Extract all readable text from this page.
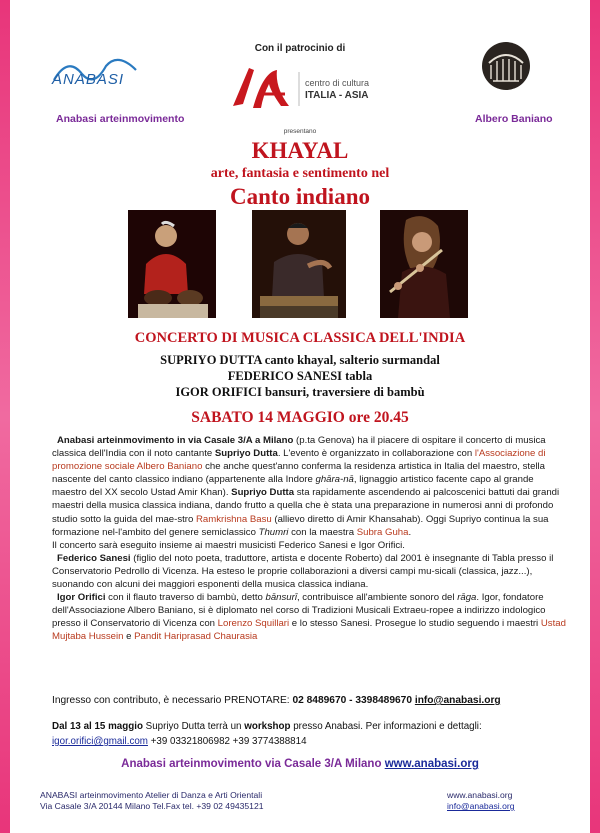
ANABASI
Anabasi arteinmovimento
Con il patrocinio di
centro di cultura
ITALIA - ASIA
Albero Baniano
presentano
KHAYAL
arte, fantasia e sentimento nel
Canto indiano
CONCERTO DI MUSICA CLASSICA DELL'INDIA
SUPRIYO DUTTA canto khayal, salterio surmandal
FEDERICO SANESI tabla
IGOR ORIFICI bansuri, traversiere di bambù
SABATO 14 MAGGIO ore 20.45

Anabasi arteinmovimento in via Casale 3/A a Milano (p.ta Genova) ha il piacere di ospitare il concerto di musica classica dell'India con il noto cantante Supriyo Dutta. L'evento è organizzato in collaborazione con l'Associazione di promozione sociale Albero Baniano che anche quest'anno conferma la residenza artistica in Italia del maestro, stella nascente del canto classico indiano (appartenente alla Indore ghāra-nā, lignaggio artistico facente capo al grande maestro del XX secolo Ustad Amir Khan). Supriyo Dutta sta rapidamente ascendendo ai palcoscenici battuti dai grandi maestri della musica classica indiana, dando frutto a quella che è stata una preparazione in numerosi anni di profondo studio sotto la guida del mae-stro Ramkrishna Basu (allievo diretto di Amir Khansahab). Oggi Supriyo continua la sua formazione nel-l'ambito del genere semiclassico Thumri con la maestra Subra Guha.

Il concerto sarà eseguito insieme ai maestri musicisti Federico Sanesi e Igor Orifici.

Federico Sanesi (figlio del noto poeta, traduttore, artista e docente Roberto) dal 2001 è insegnante di Tabla presso il Conservatorio Pedrollo di Vicenza. Ha esteso le proprie collaborazioni a diversi campi mu-sicali (classica, jazz...), suonando con alcuni dei maggiori esponenti della musica classica indiana.

Igor Orifici con il flauto traverso di bambù, detto bānsurī, contribuisce all'ambiente sonoro del rāga. Igor, fondatore dell'Associazione Albero Baniano, si è diplomato nel corso di Tradizioni Musicali Extraeu-ropee a indirizzo indologico presso il Conservatorio di Vicenza con Lorenzo Squillari e lo stesso Sanesi. Prosegue lo studio seguendo i maestri Ustad Mujtaba Hussein e Pandit Hariprasad Chaurasia

Ingresso con contributo, è necessario PRENOTARE: 02 8489670 - 3398489670 info@anabasi.org
Dal 13 al 15 maggio Supriyo Dutta terrà un workshop presso Anabasi. Per informazioni e dettagli:
igor.orifici@gmail.com +39 03321806982 +39 3774388814
Anabasi arteinmovimento via Casale 3/A Milano www.anabasi.org
ANABASI arteinmovimento Atelier di Danza e Arti Orientali
Via Casale 3/A 20144 Milano Tel.Fax tel. +39 02 49435121
www.anabasi.org
info@anabasi.org
